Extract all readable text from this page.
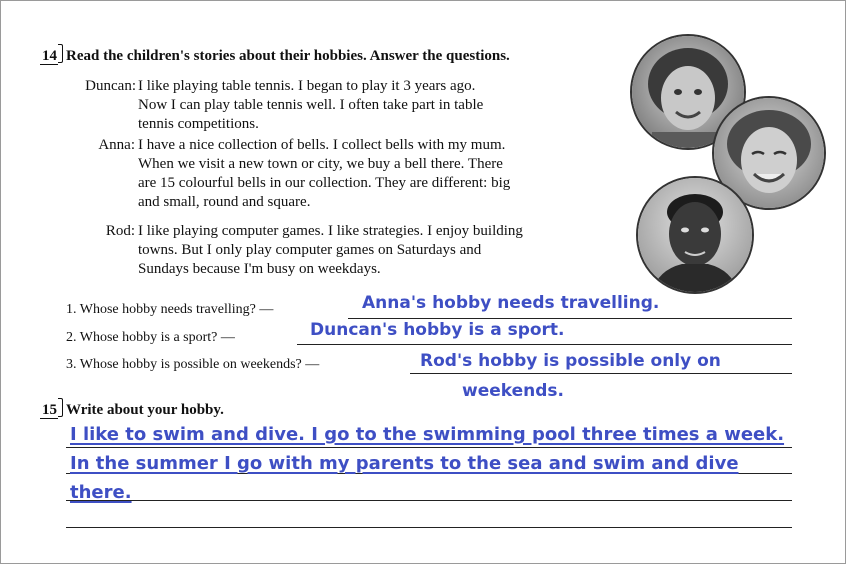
14 Read the children's stories about their hobbies. Answer the questions.
Duncan: I like playing table tennis. I began to play it 3 years ago.
Now I can play table tennis well. I often take part in table
tennis competitions.
Anna: I have a nice collection of bells. I collect bells with my mum.
When we visit a new town or city, we buy a bell there. There
are 15 colourful bells in our collection. They are different: big
and small, round and square.
Rod: I like playing computer games. I like strategies. I enjoy building
towns. But I only play computer games on Saturdays and
Sundays because I'm busy on weekdays.
1. Whose hobby needs travelling? —	Anna's hobby needs travelling.
2. Whose hobby is a sport? —	Duncan's hobby is a sport.
3. Whose hobby is possible on weekends? —	Rod's hobby is possible only on
weekends.
15 Write about your hobby.
I like to swim and dive. I go to the swimming pool three times a week.
In the summer I go with my parents to the sea and swim and dive
there.
